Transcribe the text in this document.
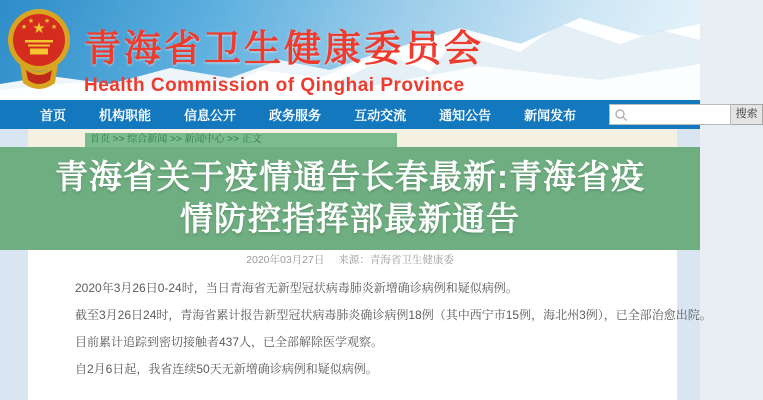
★
★
★ ★
★
青海省卫生健康委员会
Health Commission of Qinghai Province
首页	机构职能	信息公开	政务服务	互动交流	通知公告	新闻发布	搜索
首页 >> 综合新闻 >> 新闻中心 >> 正文
青海省关于疫情通告长春最新:青海省疫
情防控指挥部最新通告
2020年03月27日 来源：青海省卫生健康委

2020年3月26日0-24时，当日青海省无新型冠状病毒肺炎新增确诊病例和疑似病例。

截至3月26日24时，青海省累计报告新型冠状病毒肺炎确诊病例18例（其中西宁市15例，海北州3例），已全部治愈出院。

目前累计追踪到密切接触者437人，已全部解除医学观察。

自2月6日起，我省连续50天无新增确诊病例和疑似病例。
